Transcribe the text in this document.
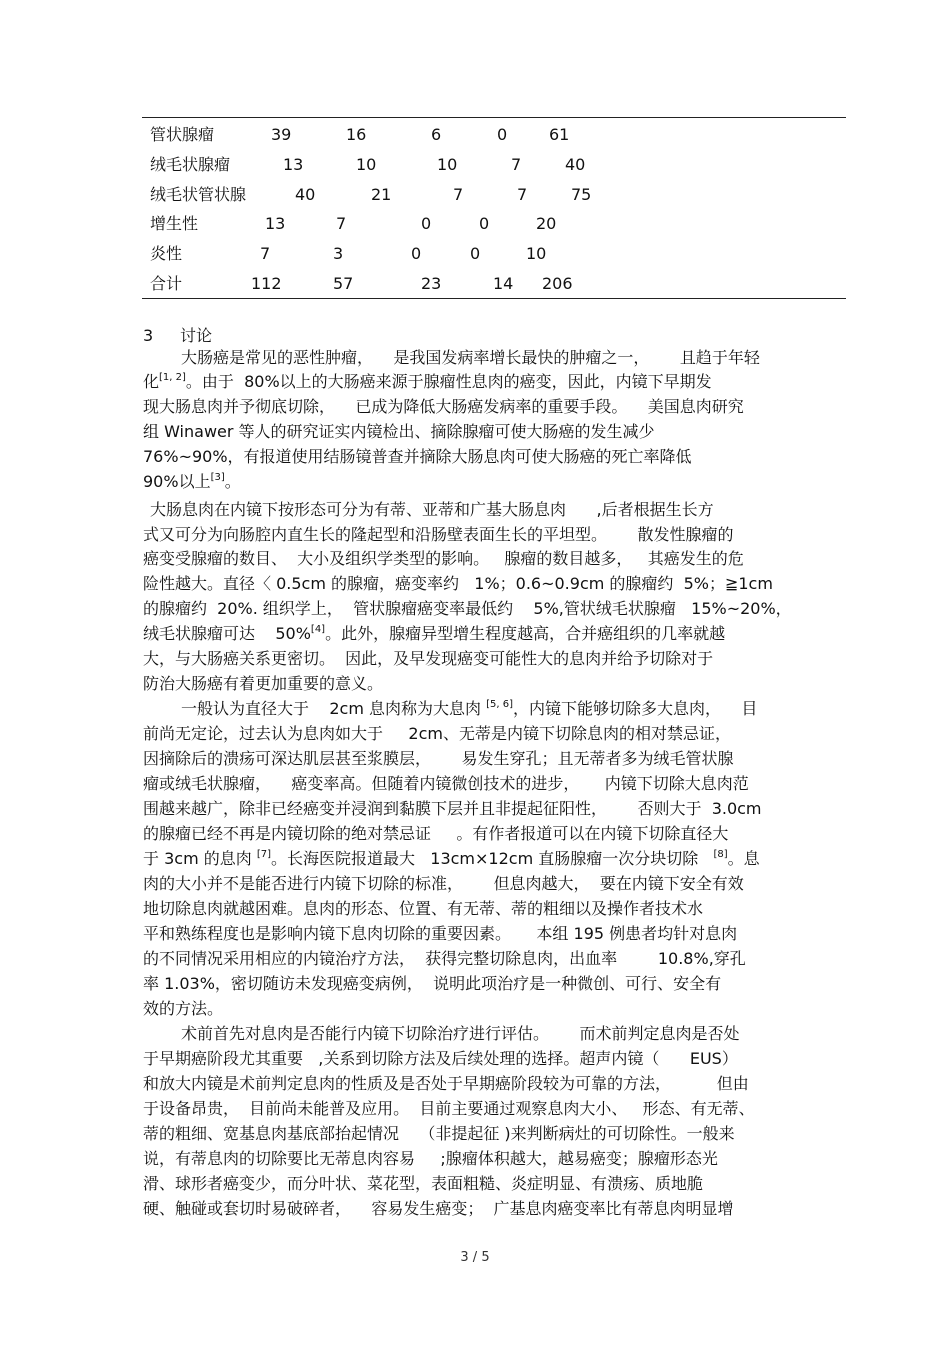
管状腺瘤	39	16	6	0	61
绒毛状腺瘤	13	10	10	7	40
绒毛状管状腺	40	21	7	7	75
增生性	13	7	0	0	20
炎性	7	3	0	0	10
合计	112	57	23	14 206
3 讨论
大肠癌是常见的恶性肿瘤，    是我国发病率增长最快的肿瘤之一，      且趋于年轻
化[1, 2]。由于  80%以上的大肠癌来源于腺瘤性息肉的癌变，因此，内镜下早期发
现大肠息肉并予彻底切除，    已成为降低大肠癌发病率的重要手段。    美国息肉研究
组 Winawer 等人的研究证实内镜检出、摘除腺瘤可使大肠癌的发生减少
76%~90%，有报道使用结肠镜普查并摘除大肠息肉可使大肠癌的死亡率降低
90%以上[3]。
大肠息肉在内镜下按形态可分为有蒂、亚蒂和广基大肠息肉      ,后者根据生长方
式又可分为向肠腔内直生长的隆起型和沿肠壁表面生长的平坦型。      散发性腺瘤的
癌变受腺瘤的数目、  大小及组织学类型的影响。   腺瘤的数目越多，   其癌发生的危
险性越大。直径〈 0.5cm 的腺瘤，癌变率约   1%；0.6~0.9cm 的腺瘤约  5%；≧1cm
的腺瘤约  20%. 组织学上，  管状腺瘤癌变率最低约    5%,管状绒毛状腺瘤   15%~20%，
绒毛状腺瘤可达    50%[4]。此外，腺瘤异型增生程度越高，合并癌组织的几率就越
大，与大肠癌关系更密切。  因此，及早发现癌变可能性大的息肉并给予切除对于
防治大肠癌有着更加重要的意义。
一般认为直径大于    2cm 息肉称为大息肉 [5, 6]，内镜下能够切除多大息肉，    目
前尚无定论，过去认为息肉如大于     2cm、无蒂是内镜下切除息肉的相对禁忌证，
因摘除后的溃疡可深达肌层甚至浆膜层，      易发生穿孔；且无蒂者多为绒毛管状腺
瘤或绒毛状腺瘤，    癌变率高。但随着内镜微创技术的进步，     内镜下切除大息肉范
围越来越广，除非已经癌变并浸润到黏膜下层并且非提起征阳性，      否则大于  3.0cm
的腺瘤已经不再是内镜切除的绝对禁忌证     。有作者报道可以在内镜下切除直径大
于 3cm 的息肉 [7]。长海医院报道最大   13cm×12cm 直肠腺瘤一次分块切除   [8]。息
肉的大小并不是能否进行内镜下切除的标准，      但息肉越大，  要在内镜下安全有效
地切除息肉就越困难。息肉的形态、位置、有无蒂、蒂的粗细以及操作者技术水
平和熟练程度也是影响内镜下息肉切除的重要因素。     本组 195 例患者均针对息肉
的不同情况采用相应的内镜治疗方法，  获得完整切除息肉，出血率        10.8%,穿孔
率 1.03%，密切随访未发现癌变病例，  说明此项治疗是一种微创、可行、安全有
效的方法。
术前首先对息肉是否能行内镜下切除治疗进行评估。      而术前判定息肉是否处
于早期癌阶段尤其重要   ,关系到切除方法及后续处理的选择。超声内镜（      EUS）
和放大内镜是术前判定息肉的性质及是否处于早期癌阶段较为可靠的方法，         但由
于设备昂贵，  目前尚未能普及应用。  目前主要通过观察息肉大小、   形态、有无蒂、
蒂的粗细、宽基息肉基底部抬起情况    （非提起征 )来判断病灶的可切除性。一般来
说，有蒂息肉的切除要比无蒂息肉容易     ;腺瘤体积越大，越易癌变；腺瘤形态光
滑、球形者癌变少，而分叶状、菜花型，表面粗糙、炎症明显、有溃疡、质地脆
硬、触碰或套切时易破碎者，    容易发生癌变；  广基息肉癌变率比有蒂息肉明显增
3 / 5
